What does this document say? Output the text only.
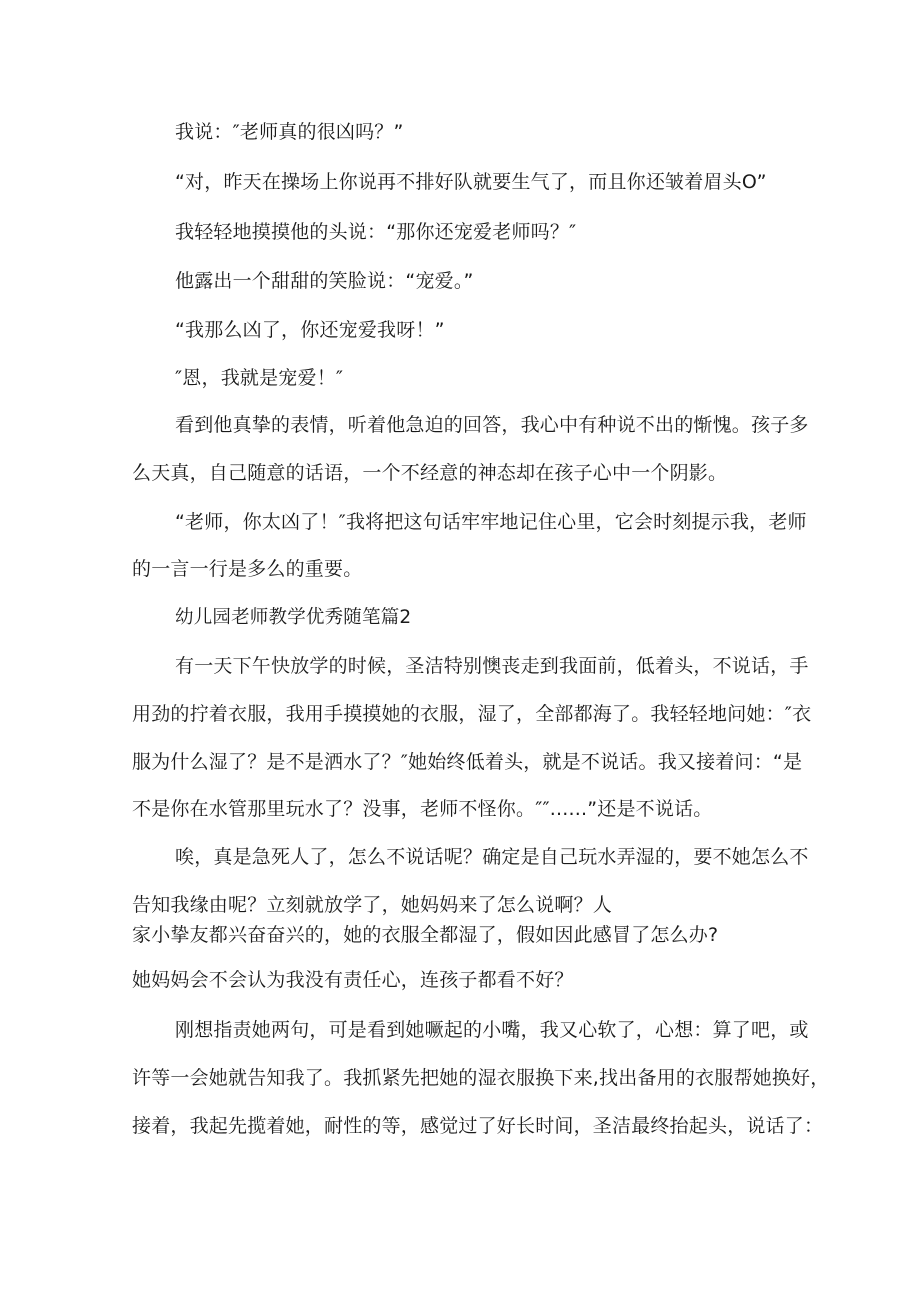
我说：″老师真的很凶吗？”
“对，昨天在操场上你说再不排好队就要生气了，而且你还皱着眉头O”
我轻轻地摸摸他的头说：“那你还宠爱老师吗？″
他露出一个甜甜的笑脸说：“宠爱。”
“我那么凶了，你还宠爱我呀！”
″恩，我就是宠爱！″
看到他真挚的表情，听着他急迫的回答，我心中有种说不出的惭愧。孩子多
么天真，自己随意的话语，一个不经意的神态却在孩子心中一个阴影。
“老师，你太凶了！″我将把这句话牢牢地记住心里，它会时刻提示我，老师
的一言一行是多么的重要。
幼儿园老师教学优秀随笔篇2
有一天下午快放学的时候，圣洁特别懊丧走到我面前，低着头，不说话，手
用劲的拧着衣服，我用手摸摸她的衣服，湿了，全部都海了。我轻轻地问她：″衣
服为什么湿了？是不是洒水了？″她始终低着头，就是不说话。我又接着问：“是
不是你在水管那里玩水了？没事，老师不怪你。″″......”还是不说话。
唉，真是急死人了，怎么不说话呢？确定是自己玩水弄湿的，要不她怎么不
告知我缘由呢？立刻就放学了，她妈妈来了怎么说啊？人
家小挚友都兴奋奋兴的，她的衣服全都湿了，假如因此感冒了怎么办?
她妈妈会不会认为我没有责任心，连孩子都看不好？
刚想指责她两句，可是看到她噘起的小嘴，我又心软了，心想：算了吧，或
许等一会她就告知我了。我抓紧先把她的湿衣服换下来,找出备用的衣服帮她换好，
接着，我起先揽着她，耐性的等，感觉过了好长时间，圣洁最终抬起头，说话了：
